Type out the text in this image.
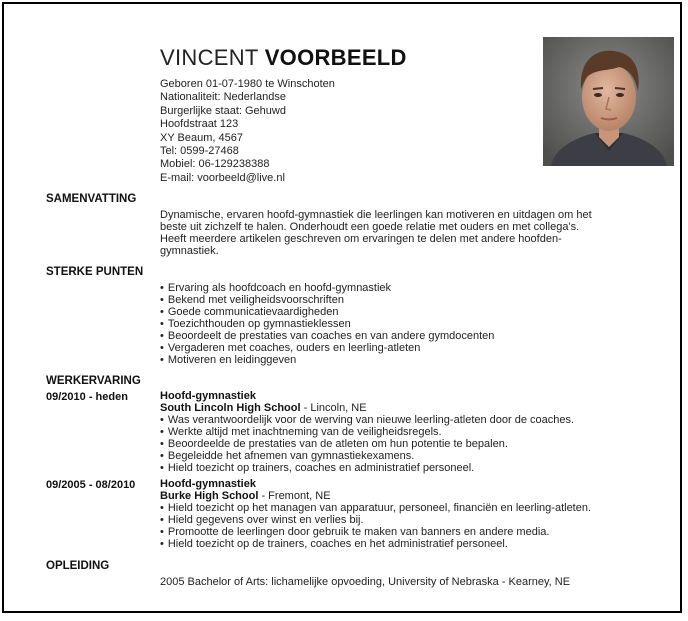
VINCENT VOORBEELD
Geboren 01-07-1980 te Winschoten
Nationaliteit: Nederlandse
Burgerlijke staat: Gehuwd
Hoofdstraat 123
XY Beaum, 4567
Tel: 0599-27468
Mobiel: 06-129238388
E-mail: voorbeeld@live.nl
SAMENVATTING
Dynamische, ervaren hoofd-gymnastiek die leerlingen kan motiveren en uitdagen om het
beste uit zichzelf te halen. Onderhoudt een goede relatie met ouders en met collega's.
Heeft meerdere artikelen geschreven om ervaringen te delen met andere hoofden-
gymnastiek.
STERKE PUNTEN
• Ervaring als hoofdcoach en hoofd-gymnastiek
• Bekend met veiligheidsvoorschriften
• Goede communicatievaardigheden
• Toezichthouden op gymnastieklessen
• Beoordeelt de prestaties van coaches en van andere gymdocenten
• Vergaderen met coaches, ouders en leerling-atleten
• Motiveren en leidinggeven
WERKERVARING
09/2010 - heden	Hoofd-gymnastiek
South Lincoln High School - Lincoln, NE
• Was verantwoordelijk voor de werving van nieuwe leerling-atleten door de coaches.
• Werkte altijd met inachtneming van de veiligheidsregels.
• Beoordeelde de prestaties van de atleten om hun potentie te bepalen.
• Begeleidde het afnemen van gymnastiekexamens.
• Hield toezicht op trainers, coaches en administratief personeel.
09/2005 - 08/2010 Hoofd-gymnastiek
Burke High School - Fremont, NE
• Hield toezicht op het managen van apparatuur, personeel, financiën en leerling-atleten.
• Hield gegevens over winst en verlies bij.
• Promootte de leerlingen door gebruik te maken van banners en andere media.
• Hield toezicht op de trainers, coaches en het administratief personeel.
OPLEIDING
2005 Bachelor of Arts: lichamelijke opvoeding, University of Nebraska - Kearney, NE
